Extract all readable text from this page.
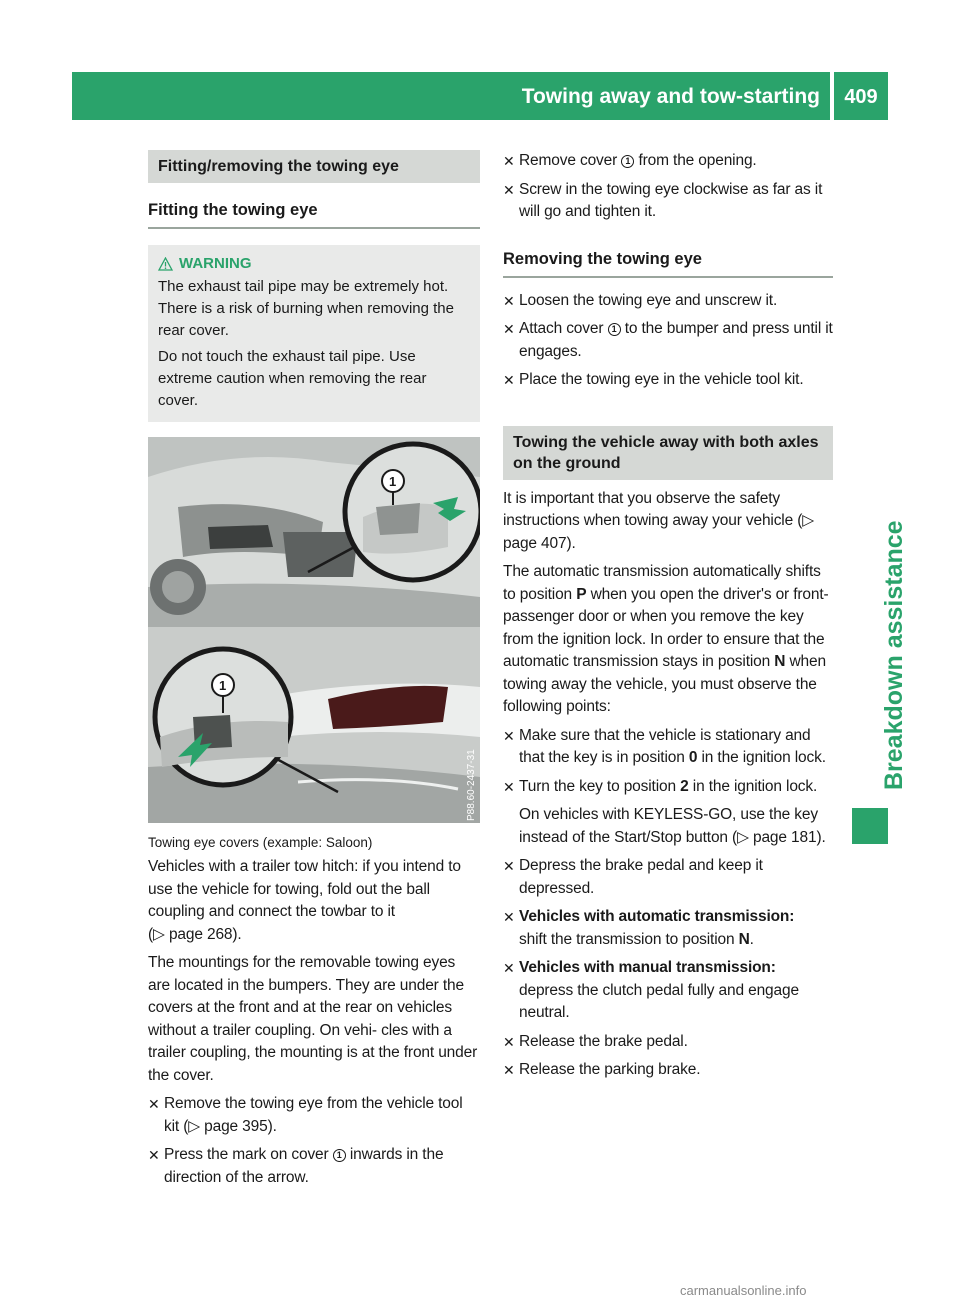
Towing away and tow-starting	409
Breakdown assistance
Fitting/removing the towing eye
Fitting the towing eye
WARNING

The exhaust tail pipe may be extremely hot. There is a risk of burning when removing the rear cover.

Do not touch the exhaust tail pipe. Use extreme caution when removing the rear cover.

1
1
P88.60-2437-31
Towing eye covers (example: Saloon)

Vehicles with a trailer tow hitch: if you intend to use the vehicle for towing, fold out the ball coupling and connect the towbar to it
(▷ page 268).

The mountings for the removable towing eyes are located in the bumpers. They are under the covers at the front and at the rear on vehicles without a trailer coupling. On vehi- cles with a trailer coupling, the mounting is at the front under the cover.

✕ Remove the towing eye from the vehicle tool kit (▷ page 395).
✕ Press the mark on cover 1 inwards in the direction of the arrow.
✕ Remove cover 1 from the opening.
✕ Screw in the towing eye clockwise as far as it will go and tighten it.
Removing the towing eye
✕ Loosen the towing eye and unscrew it.
✕ Attach cover 1 to the bumper and press until it engages.
✕ Place the towing eye in the vehicle tool kit.
Towing the vehicle away with both axles on the ground

It is important that you observe the safety instructions when towing away your vehicle (▷ page 407).

The automatic transmission automatically shifts to position P when you open the driver's or front-passenger door or when you remove the key from the ignition lock. In order to ensure that the automatic transmission stays in position N when towing away the vehicle, you must observe the following points:

✕ Make sure that the vehicle is stationary and that the key is in position 0 in the ignition lock.
✕ Turn the key to position 2 in the ignition lock.
On vehicles with KEYLESS-GO, use the key instead of the Start/Stop button (▷ page 181).
✕ Depress the brake pedal and keep it depressed.
✕ Vehicles with automatic transmission:
shift the transmission to position N.
✕ Vehicles with manual transmission:
depress the clutch pedal fully and engage neutral.
✕ Release the brake pedal.
✕ Release the parking brake.
carmanualsonline.info
